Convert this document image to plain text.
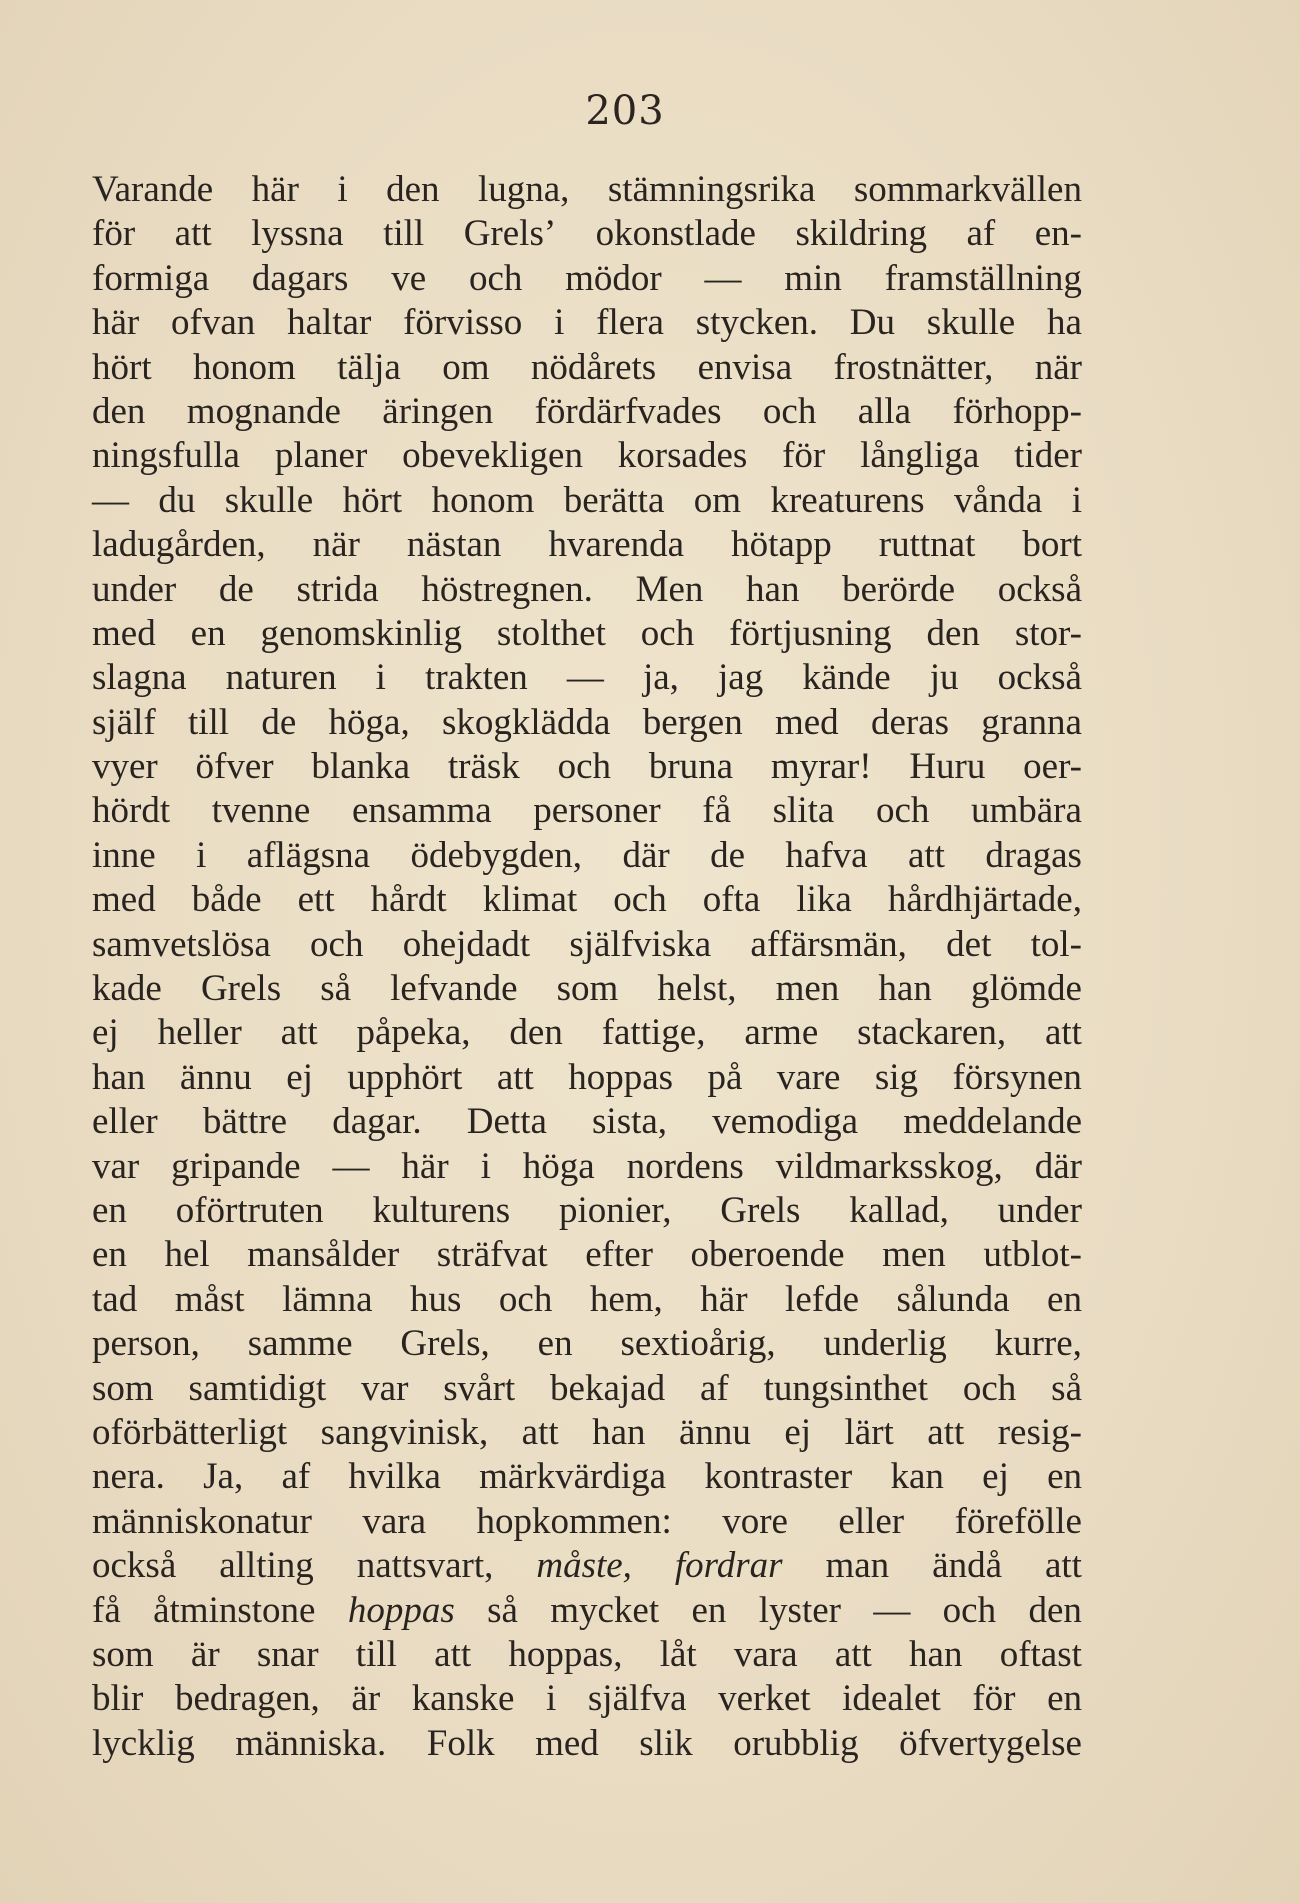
203
Varande här i den lugna, stämningsrika sommarkvällen
för att lyssna till Grels’ okonstlade skildring af en-
formiga dagars ve och mödor — min framställning
här ofvan haltar förvisso i flera stycken. Du skulle ha
hört honom tälja om nödårets envisa frostnätter, när
den mognande äringen fördärfvades och alla förhopp-
ningsfulla planer obevekligen korsades för långliga tider
— du skulle hört honom berätta om kreaturens vånda i
ladugården, när nästan hvarenda hötapp ruttnat bort
under de strida höstregnen. Men han berörde också
med en genomskinlig stolthet och förtjusning den stor-
slagna naturen i trakten — ja, jag kände ju också
själf till de höga, skogklädda bergen med deras granna
vyer öfver blanka träsk och bruna myrar! Huru oer-
hördt tvenne ensamma personer få slita och umbära
inne i aflägsna ödebygden, där de hafva att dragas
med både ett hårdt klimat och ofta lika hårdhjärtade,
samvetslösa och ohejdadt själfviska affärsmän, det tol-
kade Grels så lefvande som helst, men han glömde
ej heller att påpeka, den fattige, arme stackaren, att
han ännu ej upphört att hoppas på vare sig försynen
eller bättre dagar. Detta sista, vemodiga meddelande
var gripande — här i höga nordens vildmarksskog, där
en oförtruten kulturens pionier, Grels kallad, under
en hel mansålder sträfvat efter oberoende men utblot-
tad måst lämna hus och hem, här lefde sålunda en
person, samme Grels, en sextioårig, underlig kurre,
som samtidigt var svårt bekajad af tungsinthet och så
oförbätterligt sangvinisk, att han ännu ej lärt att resig-
nera. Ja, af hvilka märkvärdiga kontraster kan ej en
människonatur vara hopkommen: vore eller förefölle
också allting nattsvart, måste, fordrar man ändå att
få åtminstone hoppas så mycket en lyster — och den
som är snar till att hoppas, låt vara att han oftast
blir bedragen, är kanske i själfva verket idealet för en
lycklig människa. Folk med slik orubblig öfvertygelse
